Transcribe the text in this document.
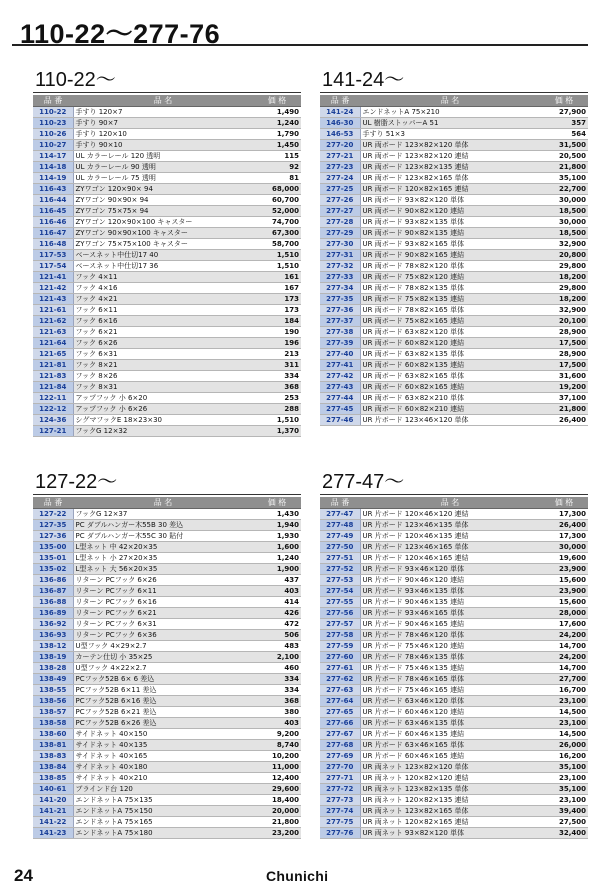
110-22～277-76
110-22～
品 番	品 名	価 格
110-22	手すり 120×7	1,490
110-23	手すり 90×7	1,240
110-26	手すり 120×10	1,790
110-27	手すり 90×10	1,450
114-17	UL カラーレール 120 透明	115
114-18	UL カラーレール 90 透明	92
114-19	UL カラーレール 75 透明	81
116-43	ZYワゴン 120×90× 94	68,000
116-44	ZYワゴン 90×90× 94	60,700
116-45	ZYワゴン 75×75× 94	52,000
116-46	ZYワゴン 120×90×100 キャスター	74,700
116-47	ZYワゴン 90×90×100 キャスター	67,300
116-48	ZYワゴン 75×75×100 キャスター	58,700
117-53	ベースネット中仕切17 40	1,510
117-54	ベースネット中仕切17 36	1,510
121-41	フック 4×11	161
121-42	フック 4×16	167
121-43	フック 4×21	173
121-61	フック 6×11	173
121-62	フック 6×16	184
121-63	フック 6×21	190
121-64	フック 6×26	196
121-65	フック 6×31	213
121-81	フック 8×21	311
121-83	フック 8×26	334
121-84	フック 8×31	368
122-11	アップフック 小 6×20	253
122-12	アップフック 小 6×26	288
124-36	シグマフックE 18×23×30	1,510
127-21	フックG 12×32	1,370
141-24～
品 番	品 名	価 格
141-24	エンドネットA 75×210	27,900
146-30	UL 樹脂ストッパーA 51	357
146-53	手すり 51×3	564
277-20	UR 両ボード 123×82×120 単体	31,500
277-21	UR 両ボード 123×82×120 連結	20,500
277-23	UR 両ボード 123×82×135 連結	21,800
277-24	UR 両ボード 123×82×165 単体	35,100
277-25	UR 両ボード 120×82×165 連結	22,700
277-26	UR 両ボード 93×82×120 単体	30,000
277-27	UR 両ボード 90×82×120 連結	18,500
277-28	UR 両ボード 93×82×135 単体	30,000
277-29	UR 両ボード 90×82×135 連結	18,500
277-30	UR 両ボード 93×82×165 単体	32,900
277-31	UR 両ボード 90×82×165 連結	20,800
277-32	UR 両ボード 78×82×120 単体	29,800
277-33	UR 両ボード 75×82×120 連結	18,200
277-34	UR 両ボード 78×82×135 単体	29,800
277-35	UR 両ボード 75×82×135 連結	18,200
277-36	UR 両ボード 78×82×165 単体	32,900
277-37	UR 両ボード 75×82×165 連結	20,100
277-38	UR 両ボード 63×82×120 単体	28,900
277-39	UR 両ボード 60×82×120 連結	17,500
277-40	UR 両ボード 63×82×135 単体	28,900
277-41	UR 両ボード 60×82×135 連結	17,500
277-42	UR 両ボード 63×82×165 単体	31,600
277-43	UR 両ボード 60×82×165 連結	19,200
277-44	UR 両ボード 63×82×210 単体	37,100
277-45	UR 両ボード 60×82×210 連結	21,800
277-46	UR 片ボード 123×46×120 単体	26,400
127-22～
品 番	品 名	価 格
127-22	フックG 12×37	1,430
127-35	PC ダブルハンガー木55B 30 差込	1,940
127-36	PC ダブルハンガー木55C 30 貼付	1,930
135-00	L型ネット 中 42×20×35	1,600
135-01	L型ネット 小 27×20×35	1,240
135-02	L型ネット 大 56×20×35	1,900
136-86	リターン PCフック 6×26	437
136-87	リターン PCフック 6×11	403
136-88	リターン PCフック 6×16	414
136-89	リターン PCフック 6×21	426
136-92	リターン PCフック 6×31	472
136-93	リターン PCフック 6×36	506
138-12	U型フック 4×29×2.7	483
138-19	カーテン仕切 小 35×25	2,100
138-28	U型フック 4×22×2.7	460
138-49	PCフック52B 6× 6 差込	334
138-55	PCフック52B 6×11 差込	334
138-56	PCフック52B 6×16 差込	368
138-57	PCフック52B 6×21 差込	380
138-58	PCフック52B 6×26 差込	403
138-60	サイドネット 40×150	9,200
138-81	サイドネット 40×135	8,740
138-83	サイドネット 40×165	10,200
138-84	サイドネット 40×180	11,000
138-85	サイドネット 40×210	12,400
140-61	ブラインド台 120	29,600
141-20	エンドネットA 75×135	18,400
141-21	エンドネットA 75×150	20,000
141-22	エンドネットA 75×165	21,800
141-23	エンドネットA 75×180	23,200
277-47～
品 番	品 名	価 格
277-47	UR 片ボード 120×46×120 連結	17,300
277-48	UR 片ボード 123×46×135 単体	26,400
277-49	UR 片ボード 120×46×135 連結	17,300
277-50	UR 片ボード 123×46×165 単体	30,000
277-51	UR 片ボード 120×46×165 連結	19,600
277-52	UR 片ボード 93×46×120 単体	23,900
277-53	UR 片ボード 90×46×120 連結	15,600
277-54	UR 片ボード 93×46×135 単体	23,900
277-55	UR 片ボード 90×46×135 連結	15,600
277-56	UR 片ボード 93×46×165 単体	28,000
277-57	UR 片ボード 90×46×165 連結	17,600
277-58	UR 片ボード 78×46×120 単体	24,200
277-59	UR 片ボード 75×46×120 連結	14,700
277-60	UR 片ボード 78×46×135 単体	24,200
277-61	UR 片ボード 75×46×135 連結	14,700
277-62	UR 片ボード 78×46×165 単体	27,700
277-63	UR 片ボード 75×46×165 連結	16,700
277-64	UR 片ボード 63×46×120 単体	23,100
277-65	UR 片ボード 60×46×120 連結	14,500
277-66	UR 片ボード 63×46×135 単体	23,100
277-67	UR 片ボード 60×46×135 連結	14,500
277-68	UR 片ボード 63×46×165 単体	26,000
277-69	UR 片ボード 60×46×165 連結	16,200
277-70	UR 両ネット 123×82×120 単体	35,100
277-71	UR 両ネット 120×82×120 連結	23,100
277-72	UR 両ネット 123×82×135 単体	35,100
277-73	UR 両ネット 120×82×135 連結	23,100
277-74	UR 両ネット 123×82×165 単体	39,400
277-75	UR 両ネット 120×82×165 連結	27,500
277-76	UR 両ネット 93×82×120 単体	32,400
24	Chunichi
